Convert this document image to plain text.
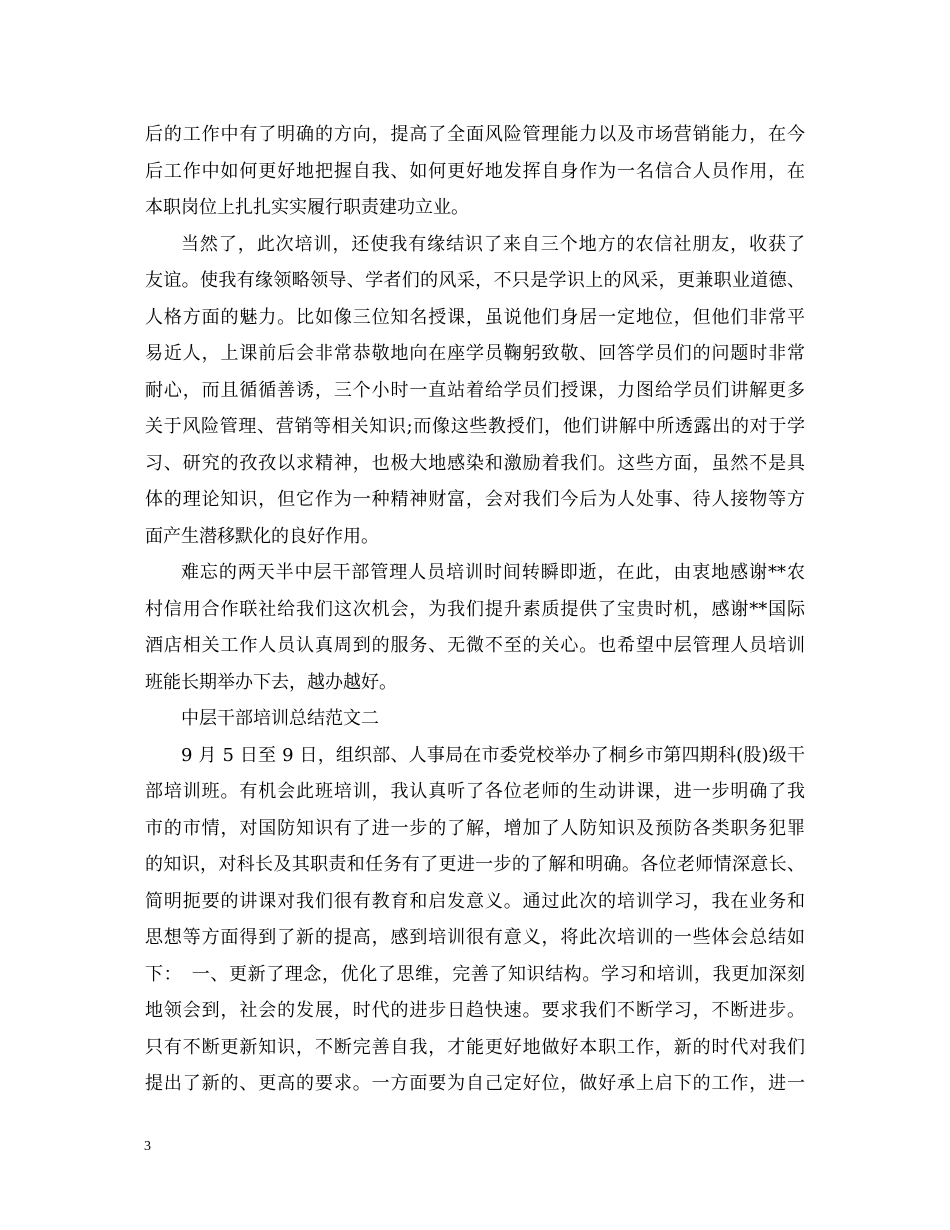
后的工作中有了明确的方向，提高了全面风险管理能力以及市场营销能力，在今
后工作中如何更好地把握自我、如何更好地发挥自身作为一名信合人员作用，在
本职岗位上扎扎实实履行职责建功立业。
当然了，此次培训，还使我有缘结识了来自三个地方的农信社朋友，收获了
友谊。使我有缘领略领导、学者们的风采，不只是学识上的风采，更兼职业道德、
人格方面的魅力。比如像三位知名授课，虽说他们身居一定地位，但他们非常平
易近人，上课前后会非常恭敬地向在座学员鞠躬致敬、回答学员们的问题时非常
耐心，而且循循善诱，三个小时一直站着给学员们授课，力图给学员们讲解更多
关于风险管理、营销等相关知识;而像这些教授们，他们讲解中所透露出的对于学
习、研究的孜孜以求精神，也极大地感染和激励着我们。这些方面，虽然不是具
体的理论知识，但它作为一种精神财富，会对我们今后为人处事、待人接物等方
面产生潜移默化的良好作用。
难忘的两天半中层干部管理人员培训时间转瞬即逝，在此，由衷地感谢**农
村信用合作联社给我们这次机会，为我们提升素质提供了宝贵时机，感谢**国际
酒店相关工作人员认真周到的服务、无微不至的关心。也希望中层管理人员培训
班能长期举办下去，越办越好。
中层干部培训总结范文二
9 月 5 日至 9 日，组织部、人事局在市委党校举办了桐乡市第四期科(股)级干
部培训班。有机会此班培训，我认真听了各位老师的生动讲课，进一步明确了我
市的市情，对国防知识有了进一步的了解，增加了人防知识及预防各类职务犯罪
的知识，对科长及其职责和任务有了更进一步的了解和明确。各位老师情深意长、
简明扼要的讲课对我们很有教育和启发意义。通过此次的培训学习，我在业务和
思想等方面得到了新的提高，感到培训很有意义，将此次培训的一些体会总结如
下：　一、更新了理念，优化了思维，完善了知识结构。学习和培训，我更加深刻
地领会到，社会的发展，时代的进步日趋快速。要求我们不断学习，不断进步。
只有不断更新知识，不断完善自我，才能更好地做好本职工作，新的时代对我们
提出了新的、更高的要求。一方面要为自己定好位，做好承上启下的工作，进一
3
